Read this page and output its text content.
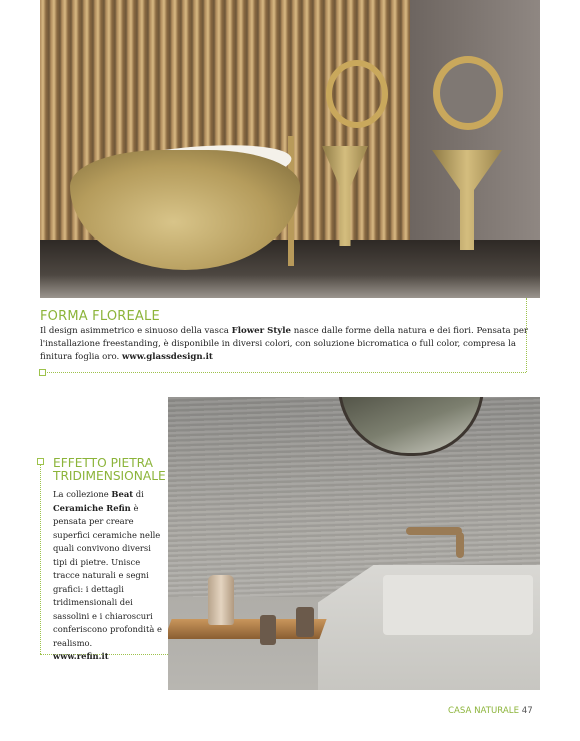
FORMA FLOREALE
Il design asimmetrico e sinuoso della vasca Flower Style nasce dalle forme della natura e dei fiori. Pensata per l'installazione freestanding, è disponibile in diversi colori, con soluzione bicromatica o full color, compresa la finitura foglia oro. www.glassdesign.it
EFFETTO PIETRA
TRIDIMENSIONALE
La collezione Beat di Ceramiche Refin è pensata per creare superfici ceramiche nelle quali convivono diversi tipi di pietre. Unisce tracce naturali e segni grafici: i dettagli tridimensionali dei sassolini e i chiaroscuri conferiscono profondità e realismo.
www.refin.it
CASA NATURALE 47
